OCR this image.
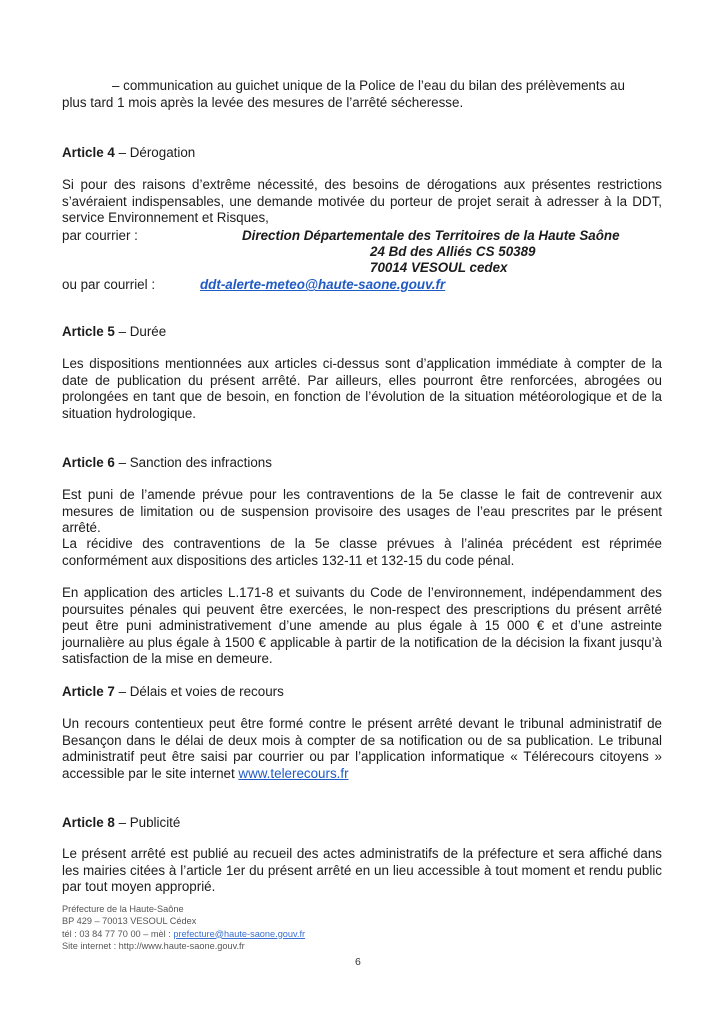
– communication au guichet unique de la Police de l’eau du bilan des prélèvements au
plus tard 1 mois après la levée des mesures de l’arrêté sécheresse.
Article 4 – Dérogation
Si pour des raisons d’extrême nécessité, des besoins de dérogations aux présentes restrictions s’avéraient indispensables, une demande motivée du porteur de projet serait à adresser à la DDT, service Environnement et Risques,
par courrier :	Direction Départementale des Territoires de la Haute Saône
24 Bd des Alliés CS 50389
70014 VESOUL cedex
ou par courriel :	ddt-alerte-meteo@haute-saone.gouv.fr
Article 5 – Durée
Les dispositions mentionnées aux articles ci-dessus sont d’application immédiate à compter de la date de publication du présent arrêté. Par ailleurs, elles pourront être renforcées, abrogées ou prolongées en tant que de besoin, en fonction de l’évolution de la situation météorologique et de la situation hydrologique.
Article 6 – Sanction des infractions
Est puni de l’amende prévue pour les contraventions de la 5e classe le fait de contrevenir aux mesures de limitation ou de suspension provisoire des usages de l’eau prescrites par le présent arrêté.
La récidive des contraventions de la 5e classe prévues à l’alinéa précédent est réprimée conformément aux dispositions des articles 132-11 et 132-15 du code pénal.
En application des articles L.171-8 et suivants du Code de l’environnement, indépendamment des poursuites pénales qui peuvent être exercées, le non-respect des prescriptions du présent arrêté peut être puni administrativement d’une amende au plus égale à 15 000 € et d’une astreinte journalière au plus égale à 1500 € applicable à partir de la notification de la décision la fixant jusqu’à satisfaction de la mise en demeure.
Article 7 – Délais et voies de recours
Un recours contentieux peut être formé contre le présent arrêté devant le tribunal administratif de Besançon dans le délai de deux mois à compter de sa notification ou de sa publication. Le tribunal administratif peut être saisi par courrier ou par l’application informatique « Télérecours citoyens » accessible par le site internet www.telerecours.fr
Article 8 – Publicité
Le présent arrêté est publié au recueil des actes administratifs de la préfecture et sera affiché dans les mairies citées à l’article 1er du présent arrêté en un lieu accessible à tout moment et rendu public par tout moyen approprié.
Préfecture de la Haute-Saône
BP 429 – 70013 VESOUL Cédex
tél : 03 84 77 70 00 – mèl : prefecture@haute-saone.gouv.fr
Site internet : http://www.haute-saone.gouv.fr
6
